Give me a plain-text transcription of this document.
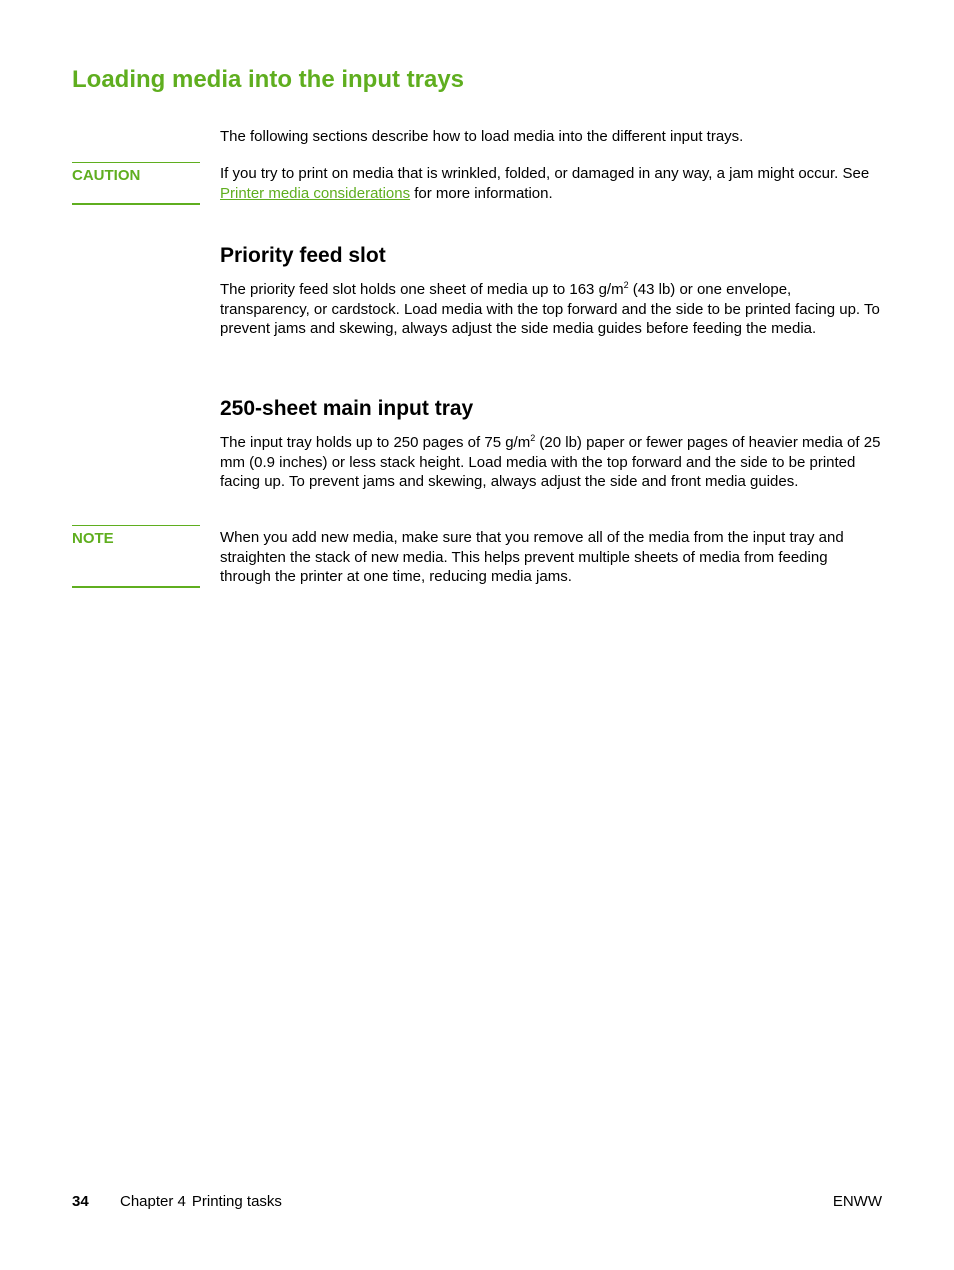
Loading media into the input trays

The following sections describe how to load media into the different input trays.

CAUTION	If you try to print on media that is wrinkled, folded, or damaged in any way, a jam might occur. See Printer media considerations for more information.

Priority feed slot

The priority feed slot holds one sheet of media up to 163 $g/m^2$ (43 lb) or one envelope, transparency, or cardstock. Load media with the top forward and the side to be printed facing up. To prevent jams and skewing, always adjust the side media guides before feeding the media.

250-sheet main input tray

The input tray holds up to 250 pages of 75 $g/m^2$ (20 lb) paper or fewer pages of heavier media of 25 mm (0.9 inches) or less stack height. Load media with the top forward and the side to be printed facing up. To prevent jams and skewing, always adjust the side and front media guides.

NOTE	When you add new media, make sure that you remove all of the media from the input tray and straighten the stack of new media. This helps prevent multiple sheets of media from feeding through the printer at one time, reducing media jams.

34 Chapter 4 Printing tasks	ENWW
